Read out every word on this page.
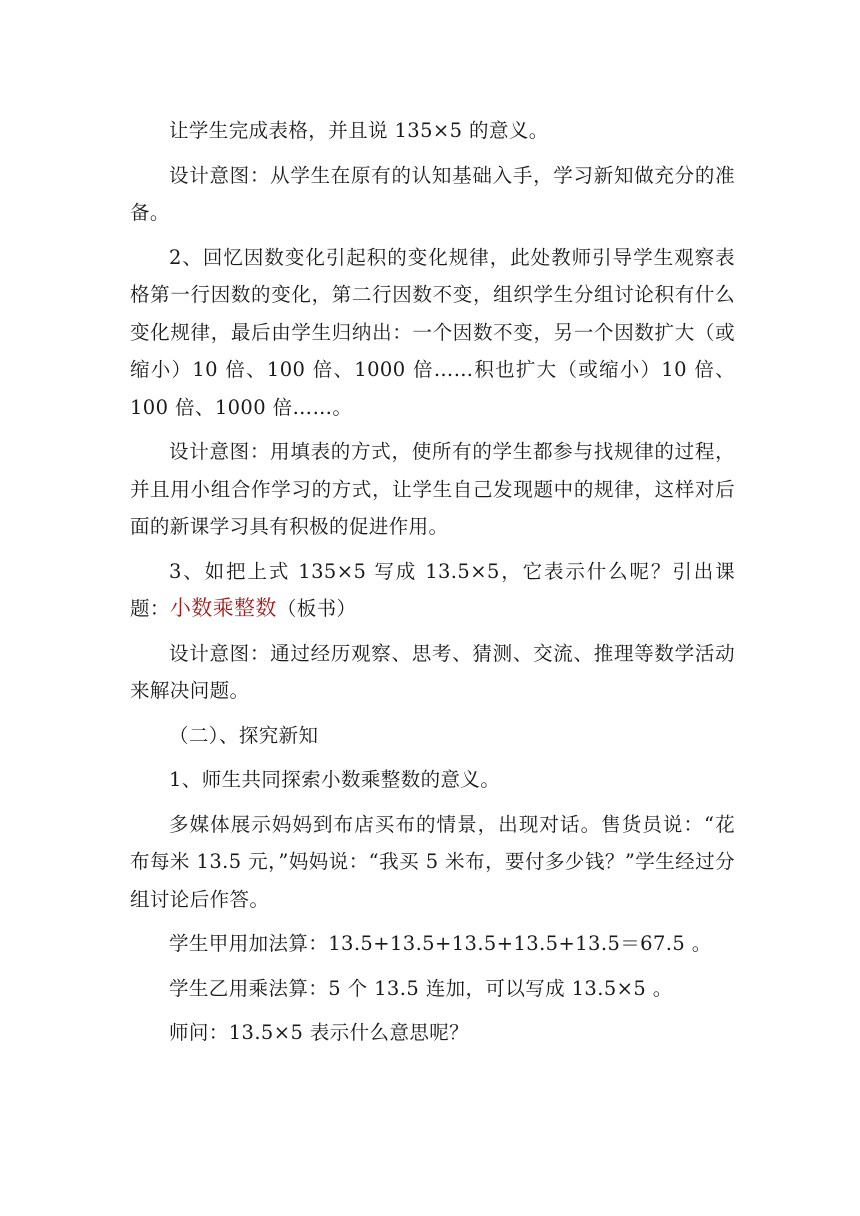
让学生完成表格，并且说 135×5 的意义。

设计意图：从学生在原有的认知基础入手，学习新知做充分的准备。

2、回忆因数变化引起积的变化规律，此处教师引导学生观察表格第一行因数的变化，第二行因数不变，组织学生分组讨论积有什么变化规律，最后由学生归纳出：一个因数不变，另一个因数扩大（或缩小）10 倍、100 倍、1000 倍……积也扩大（或缩小）10 倍、100 倍、1000 倍……。

设计意图：用填表的方式，使所有的学生都参与找规律的过程，并且用小组合作学习的方式，让学生自己发现题中的规律，这样对后面的新课学习具有积极的促进作用。

3、如把上式 135×5 写成 13.5×5，它表示什么呢？引出课题：小数乘整数（板书）

设计意图：通过经历观察、思考、猜测、交流、推理等数学活动来解决问题。

（二）、探究新知

1、师生共同探索小数乘整数的意义。

多媒体展示妈妈到布店买布的情景，出现对话。售货员说：“花布每米 13.5 元，”妈妈说：“我买 5 米布，要付多少钱？”学生经过分组讨论后作答。

学生甲用加法算：13.5+13.5+13.5+13.5+13.5＝67.5 。

学生乙用乘法算：5 个 13.5 连加，可以写成 13.5×5 。

师问：13.5×5 表示什么意思呢？
